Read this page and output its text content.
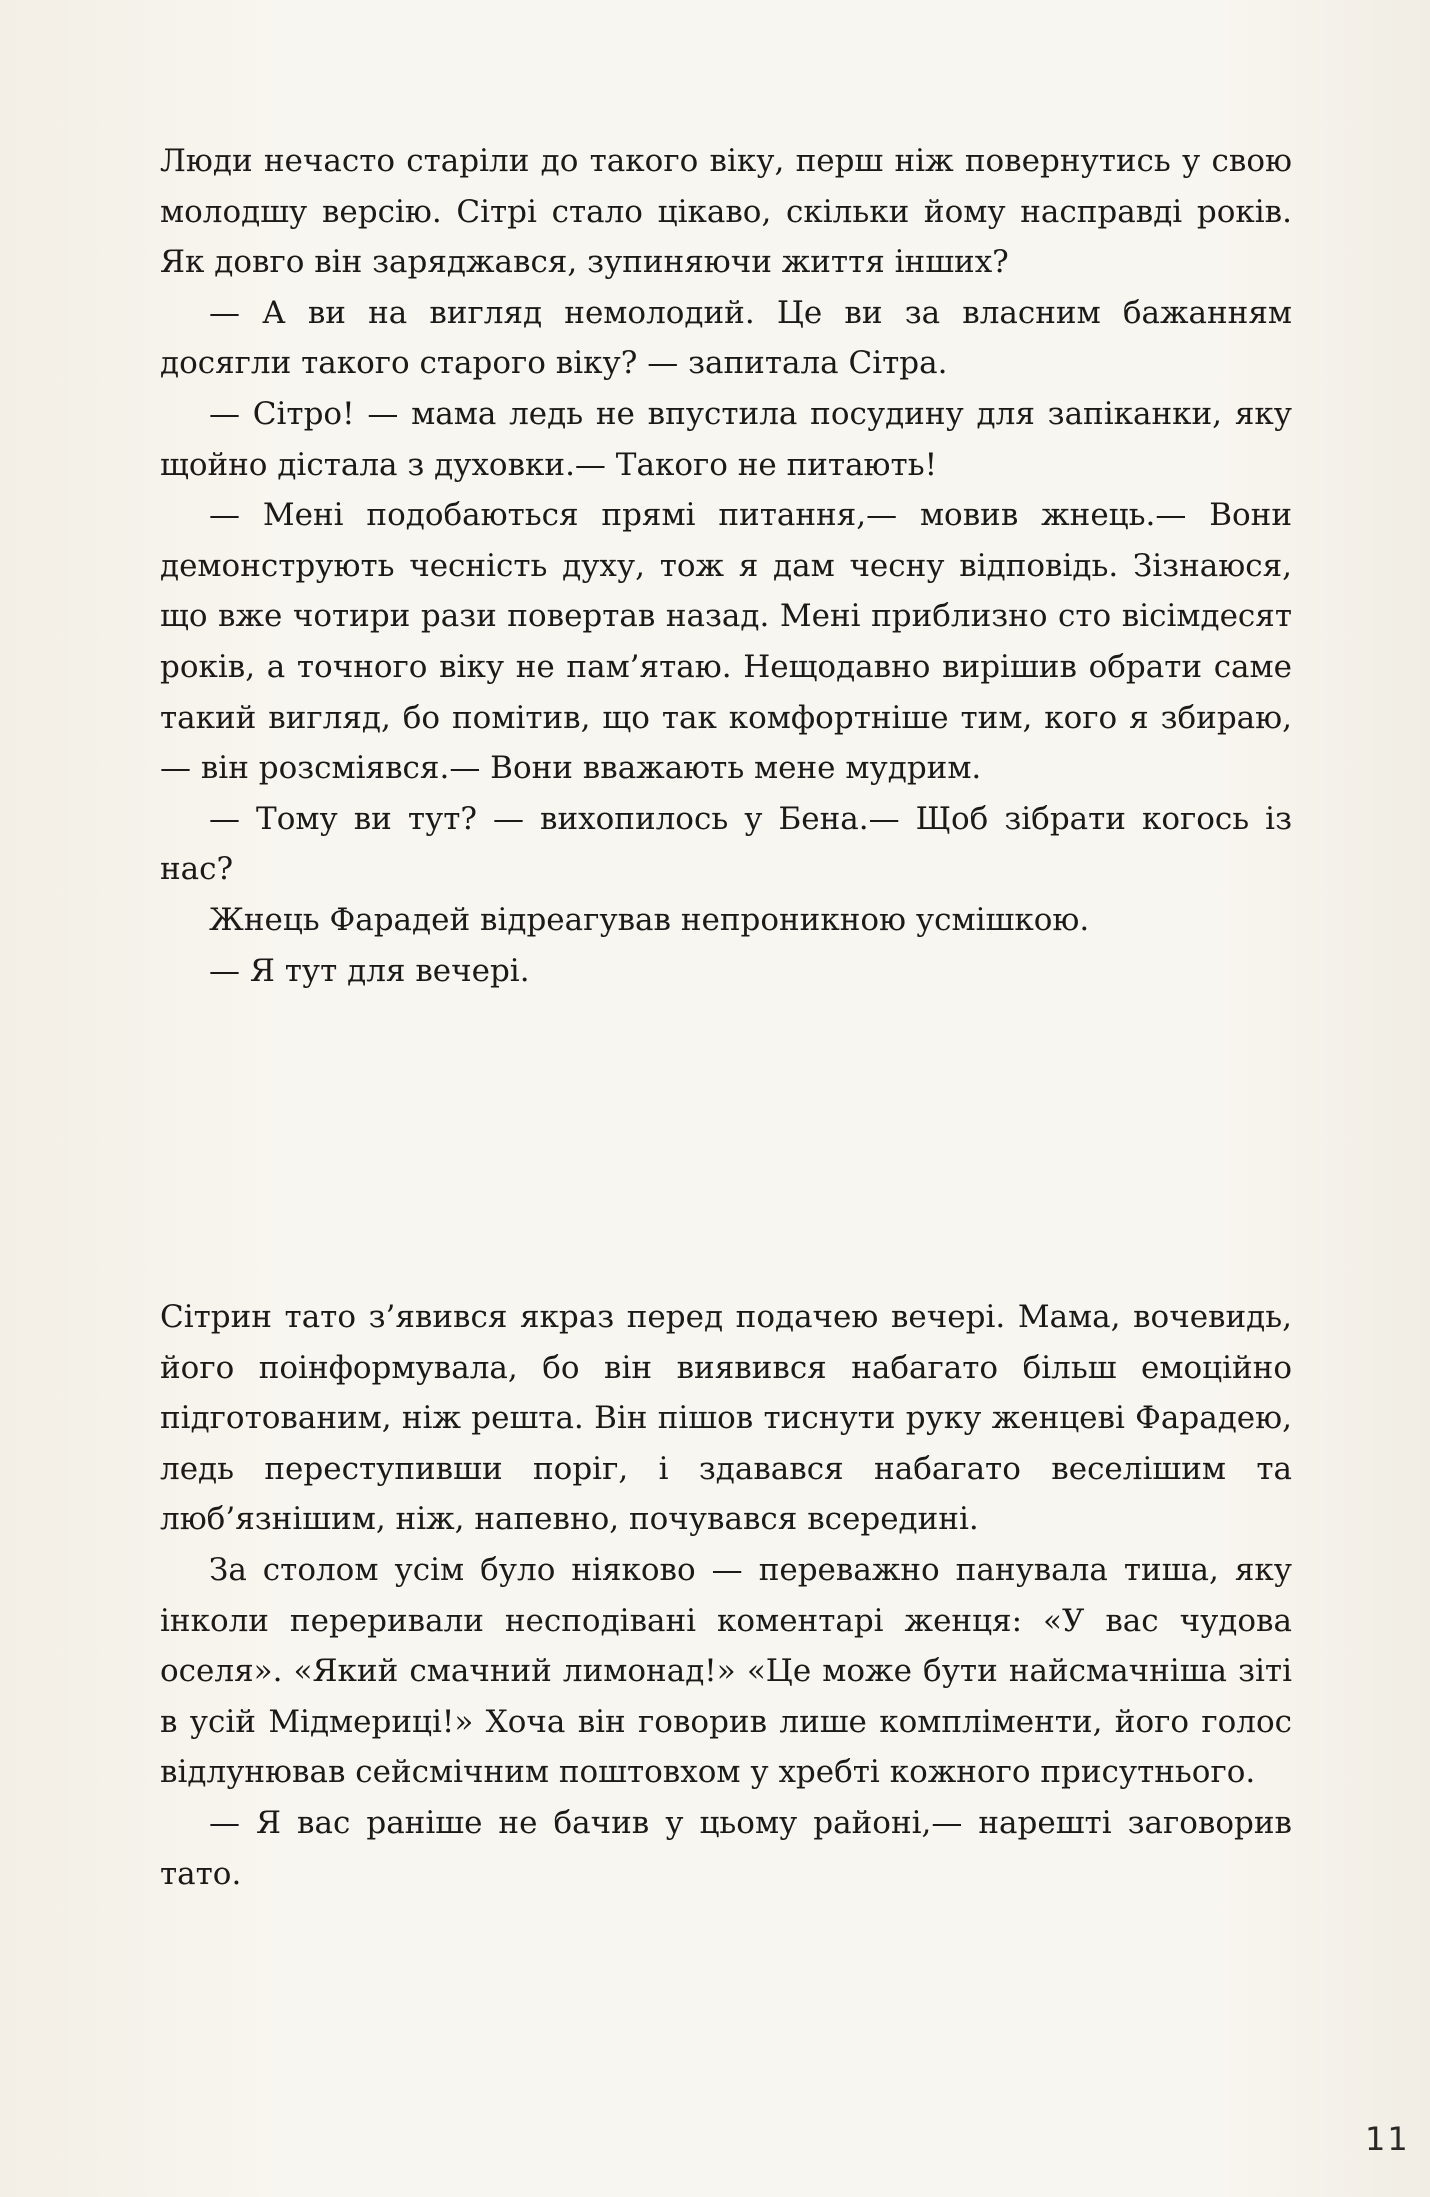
Люди нечасто старіли до такого віку, перш ніж повернутись у свою молодшу версію. Сітрі стало цікаво, скільки йому насправді років. Як довго він заряджався, зупиняючи життя інших?

— А ви на вигляд немолодий. Це ви за власним бажанням досягли такого старого віку? — запитала Сітра.

— Сітро! — мама ледь не впустила посудину для запіканки, яку щойно дістала з духовки.— Такого не питають!

— Мені подобаються прямі питання,— мовив жнець.— Вони демонструють чесність духу, тож я дам чесну відповідь. Зізнаюся, що вже чотири рази повертав назад. Мені приблизно сто вісімдесят років, а точного віку не пам’ятаю. Нещодавно вирішив обрати саме такий вигляд, бо помітив, що так комфортніше тим, кого я збираю,— він розсміявся.— Вони вважають мене мудрим.

— Тому ви тут? — вихопилось у Бена.— Щоб зібрати когось із нас?

Жнець Фарадей відреагував непроникною усмішкою.

— Я тут для вечері.

Сітрин тато з’явився якраз перед подачею вечері. Мама, вочевидь, його поінформувала, бо він виявився набагато більш емоційно підготованим, ніж решта. Він пішов тиснути руку женцеві Фарадею, ледь переступивши поріг, і здавався набагато веселішим та люб’язнішим, ніж, напевно, почувався всередині.

За столом усім було ніяково — переважно панувала тиша, яку інколи переривали несподівані коментарі женця: «У вас чудова оселя». «Який смачний лимонад!» «Це може бути найсмачніша зіті в усій Мідмериці!» Хоча він говорив лише компліменти, його голос відлунював сейсмічним поштовхом у хребті кожного присутнього.

— Я вас раніше не бачив у цьому районі,— нарешті заговорив тато.

11
